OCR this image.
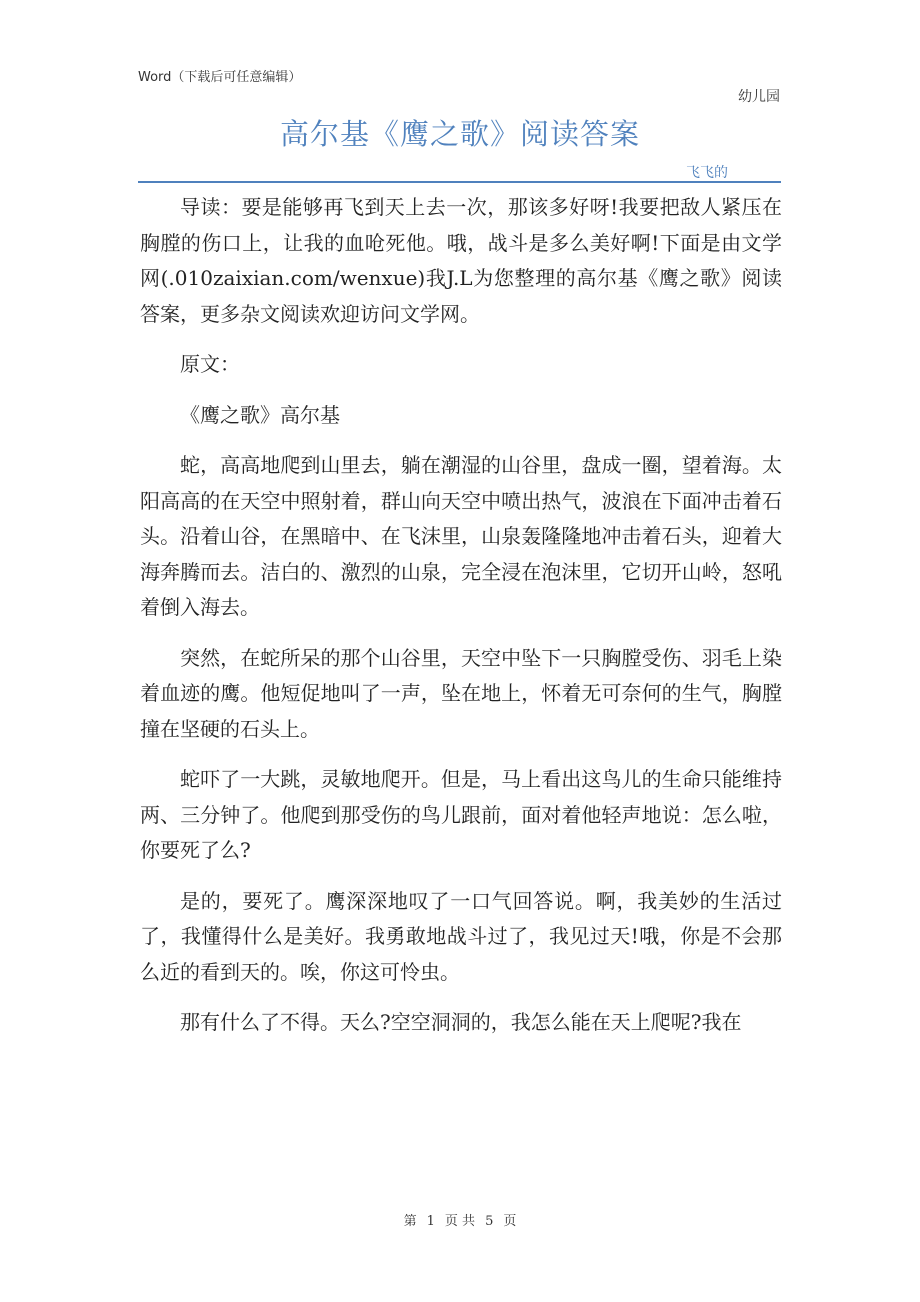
Word（下载后可任意编辑）
幼儿园
高尔基《鹰之歌》阅读答案
飞飞的

导读：要是能够再飞到天上去一次，那该多好呀!我要把敌人紧压在胸膛的伤口上，让我的血呛死他。哦，战斗是多么美好啊!下面是由文学网(.010zaixian.com/wenxue)我J.L为您整理的高尔基《鹰之歌》阅读答案，更多杂文阅读欢迎访问文学网。

原文：

《鹰之歌》高尔基

蛇，高高地爬到山里去，躺在潮湿的山谷里，盘成一圈，望着海。太阳高高的在天空中照射着，群山向天空中喷出热气，波浪在下面冲击着石头。沿着山谷，在黑暗中、在飞沫里，山泉轰隆隆地冲击着石头，迎着大海奔腾而去。洁白的、激烈的山泉，完全浸在泡沫里，它切开山岭，怒吼着倒入海去。

突然，在蛇所呆的那个山谷里，天空中坠下一只胸膛受伤、羽毛上染着血迹的鹰。他短促地叫了一声，坠在地上，怀着无可奈何的生气，胸膛撞在坚硬的石头上。

蛇吓了一大跳，灵敏地爬开。但是，马上看出这鸟儿的生命只能维持两、三分钟了。他爬到那受伤的鸟儿跟前，面对着他轻声地说：怎么啦，你要死了么?

是的，要死了。鹰深深地叹了一口气回答说。啊，我美妙的生活过了，我懂得什么是美好。我勇敢地战斗过了，我见过天!哦，你是不会那么近的看到天的。唉，你这可怜虫。

那有什么了不得。天么?空空洞洞的，我怎么能在天上爬呢?我在

第 1 页 共 5 页
